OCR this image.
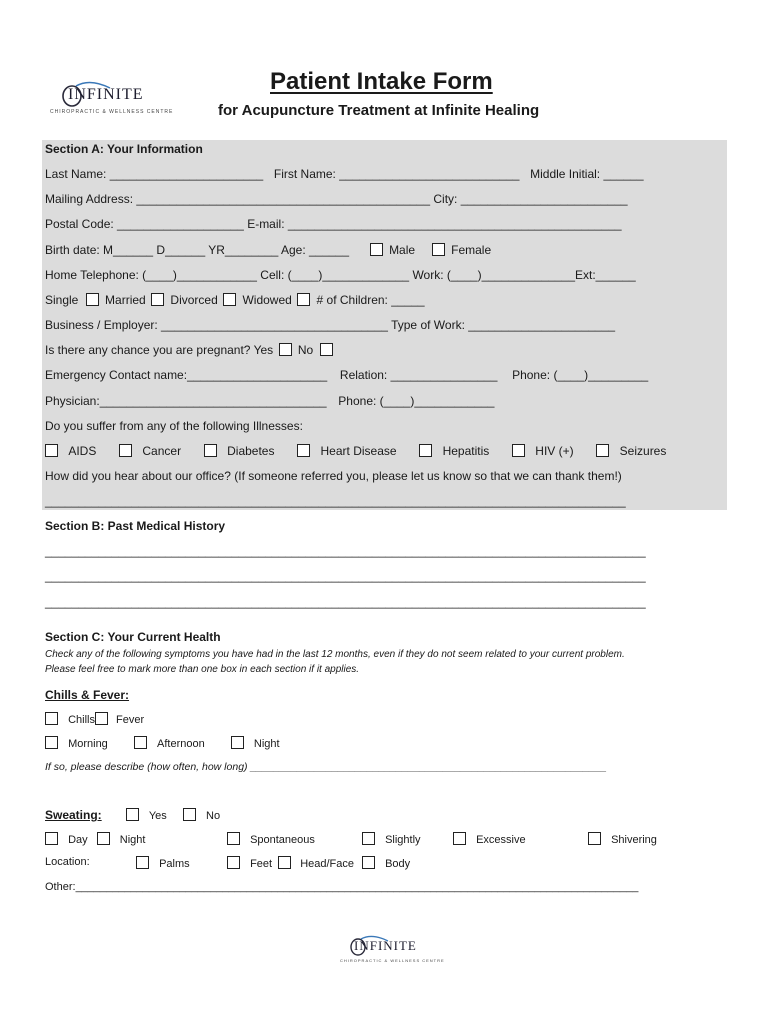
INFINITE
CHIROPRACTIC & WELLNESS CENTRE
Patient Intake Form
for Acupuncture Treatment at Infinite Healing
Section A: Your Information
Last Name: _______________________ First Name: ___________________________ Middle Initial: ______
Mailing Address: ____________________________________________ City: _________________________
Postal Code: ___________________ E-mail: __________________________________________________
Birth date: M______ D______ YR________ Age: ______	Male	Female
Home Telephone: (____)____________ Cell: (____)_____________ Work: (____)______________Ext:______
Single Married Divorced Widowed # of Children: _____
Business / Employer: __________________________________ Type of Work: ______________________
Is there any chance you are pregnant? Yes No
Emergency Contact name:_____________________ Relation: ________________ Phone: (____)_________
Physician:__________________________________ Phone: (____)____________
Do you suffer from any of the following Illnesses:
AIDS	Cancer	Diabetes	Heart Disease	Hepatitis	HIV (+)	Seizures
How did you hear about our office? (If someone referred you, please let us know so that we can thank them!)
_______________________________________________________________________________________
Section B: Past Medical History
__________________________________________________________________________________________
__________________________________________________________________________________________
__________________________________________________________________________________________
Section C: Your Current Health
Check any of the following symptoms you have had in the last 12 months, even if they do not seem related to your current problem.
Please feel free to mark more than one box in each section if it applies.
Chills & Fever:
Chills Fever
Morning	Afternoon	Night
If so, please describe (how often, how long) _____________________________________________________________
Sweating:	Yes	No
Day	Night	Spontaneous	Slightly	Excessive	Shivering
Location:	Palms	Feet	Head/Face	Body
Other:____________________________________________________________________________________________
INFINITE
CHIROPRACTIC & WELLNESS CENTRE
